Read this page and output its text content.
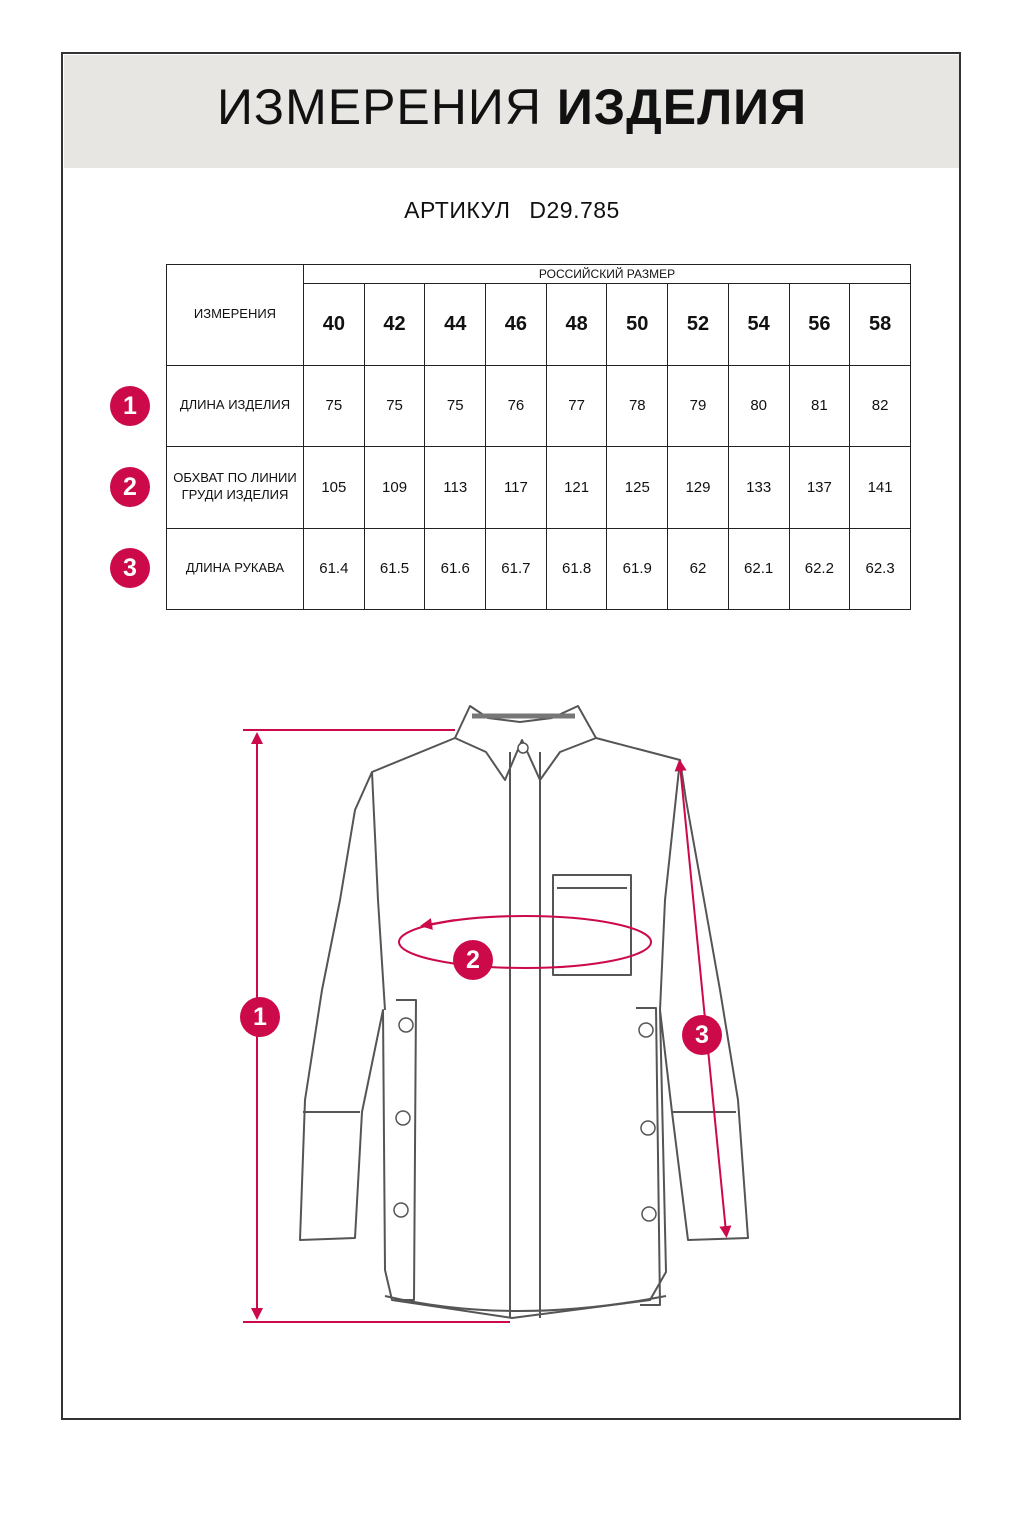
ИЗМЕРЕНИЯ ИЗДЕЛИЯ
АРТИКУЛ D29.785
ИЗМЕРЕНИЯ	РОССИЙСКИЙ РАЗМЕР									
	40	42	44	46	48	50	52	54	56	58
ДЛИНА ИЗДЕЛИЯ	75	75	75	76	77	78	79	80	81	82
ОБХВАТ ПО ЛИНИИ ГРУДИ ИЗДЕЛИЯ	105	109	113	117	121	125	129	133	137	141
ДЛИНА РУКАВА	61.4	61.5	61.6	61.7	61.8	61.9	62	62.1	62.2	62.3
1
2
3
1
2
3
